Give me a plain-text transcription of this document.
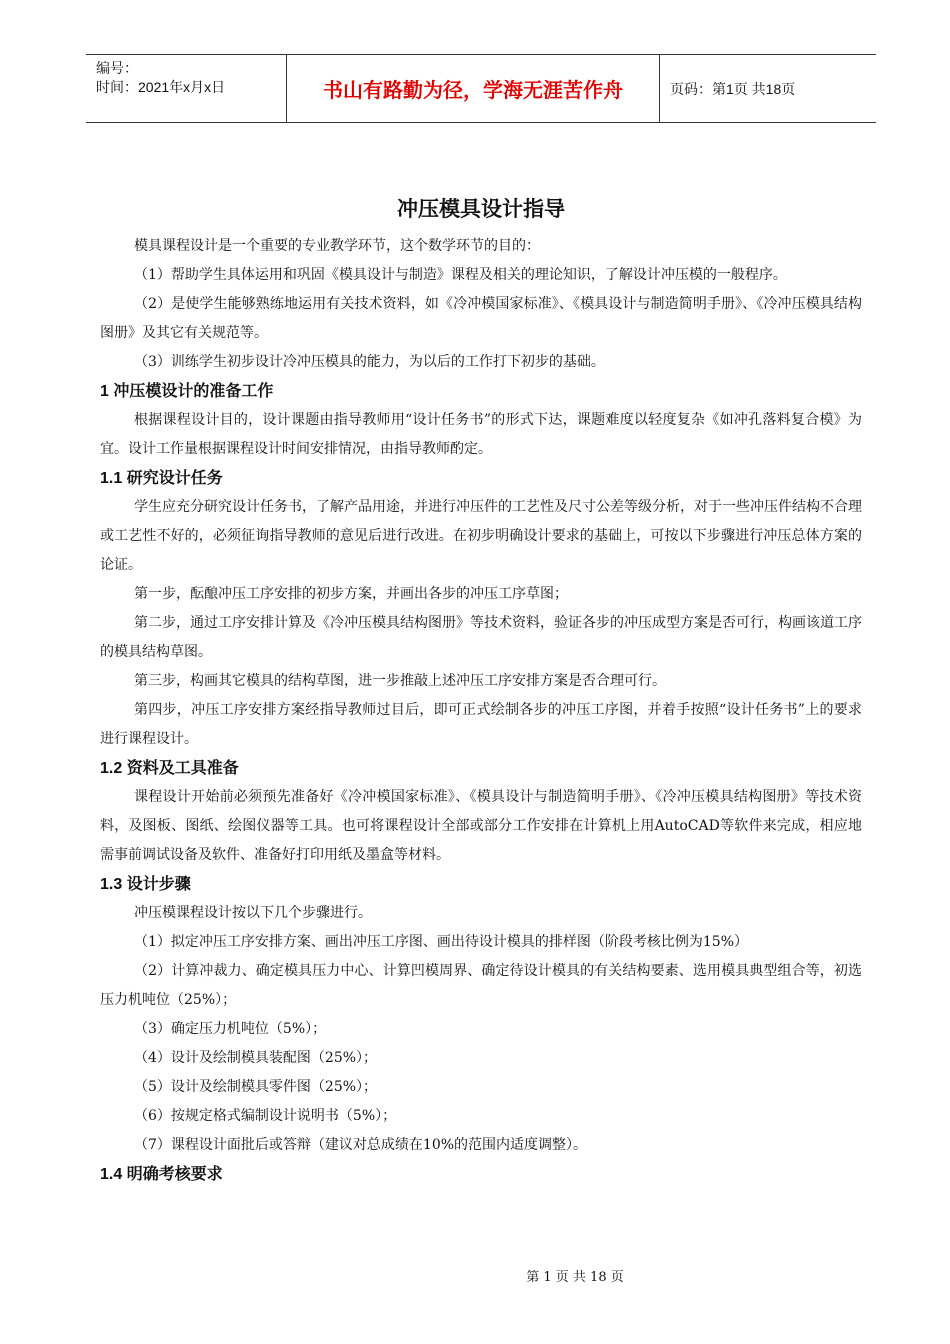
编号：
时间：2021年x月x日	书山有路勤为径，学海无涯苦作舟	页码：第1页 共18页
冲压模具设计指导

模具课程设计是一个重要的专业教学环节，这个数学环节的目的：

（1）帮助学生具体运用和巩固《模具设计与制造》课程及相关的理论知识，了解设计冲压模的一般程序。

（2）是使学生能够熟练地运用有关技术资料，如《冷冲模国家标准》、《模具设计与制造简明手册》、《冷冲压模具结构图册》及其它有关规范等。

（3）训练学生初步设计冷冲压模具的能力，为以后的工作打下初步的基础。

1 冲压模设计的准备工作

根据课程设计目的，设计课题由指导教师用“设计任务书”的形式下达，课题难度以轻度复杂《如冲孔落料复合模》为宜。设计工作量根据课程设计时间安排情况，由指导教师酌定。

1.1 研究设计任务

学生应充分研究设计任务书，了解产品用途，并进行冲压件的工艺性及尺寸公差等级分析，对于一些冲压件结构不合理或工艺性不好的，必须征询指导教师的意见后进行改进。在初步明确设计要求的基础上，可按以下步骤进行冲压总体方案的论证。

第一步，酝酿冲压工序安排的初步方案，并画出各步的冲压工序草图；

第二步，通过工序安排计算及《冷冲压模具结构图册》等技术资料，验证各步的冲压成型方案是否可行，构画该道工序的模具结构草图。

第三步，构画其它模具的结构草图，进一步推敲上述冲压工序安排方案是否合理可行。

第四步，冲压工序安排方案经指导教师过目后，即可正式绘制各步的冲压工序图，并着手按照“设计任务书”上的要求进行课程设计。

1.2 资料及工具准备

课程设计开始前必须预先准备好《冷冲模国家标准》、《模具设计与制造简明手册》、《冷冲压模具结构图册》等技术资料，及图板、图纸、绘图仪器等工具。也可将课程设计全部或部分工作安排在计算机上用AutoCAD等软件来完成，相应地需事前调试设备及软件、准备好打印用纸及墨盒等材料。

1.3 设计步骤

冲压模课程设计按以下几个步骤进行。

（1）拟定冲压工序安排方案、画出冲压工序图、画出待设计模具的排样图（阶段考核比例为15%）

（2）计算冲裁力、确定模具压力中心、计算凹模周界、确定待设计模具的有关结构要素、选用模具典型组合等，初选压力机吨位（25%）；

（3）确定压力机吨位（5%）；

（4）设计及绘制模具装配图（25%）；

（5）设计及绘制模具零件图（25%）；

（6）按规定格式编制设计说明书（5%）；

（7）课程设计面批后或答辩（建议对总成绩在10%的范围内适度调整）。

1.4 明确考核要求
第 1 页 共 18 页
